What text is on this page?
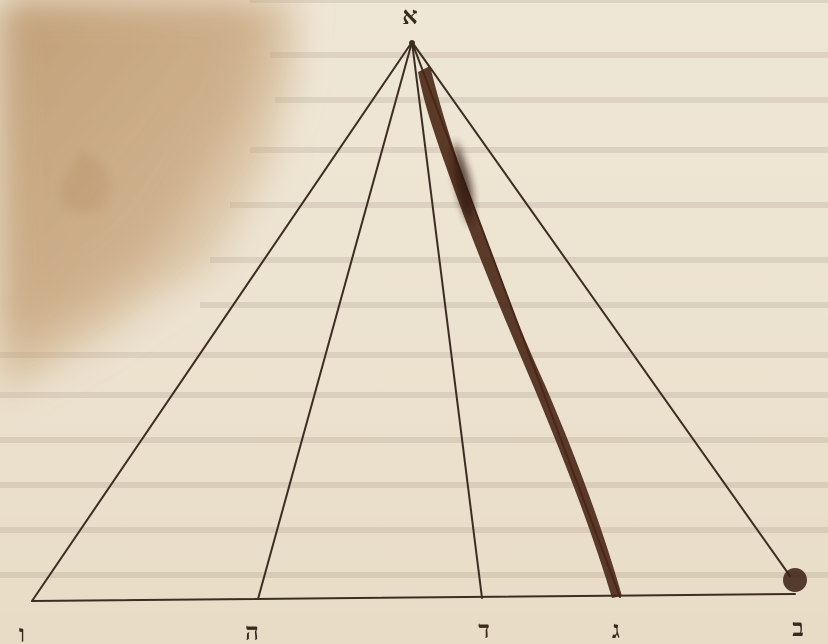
א
ו	ה	ד	ג	ב
